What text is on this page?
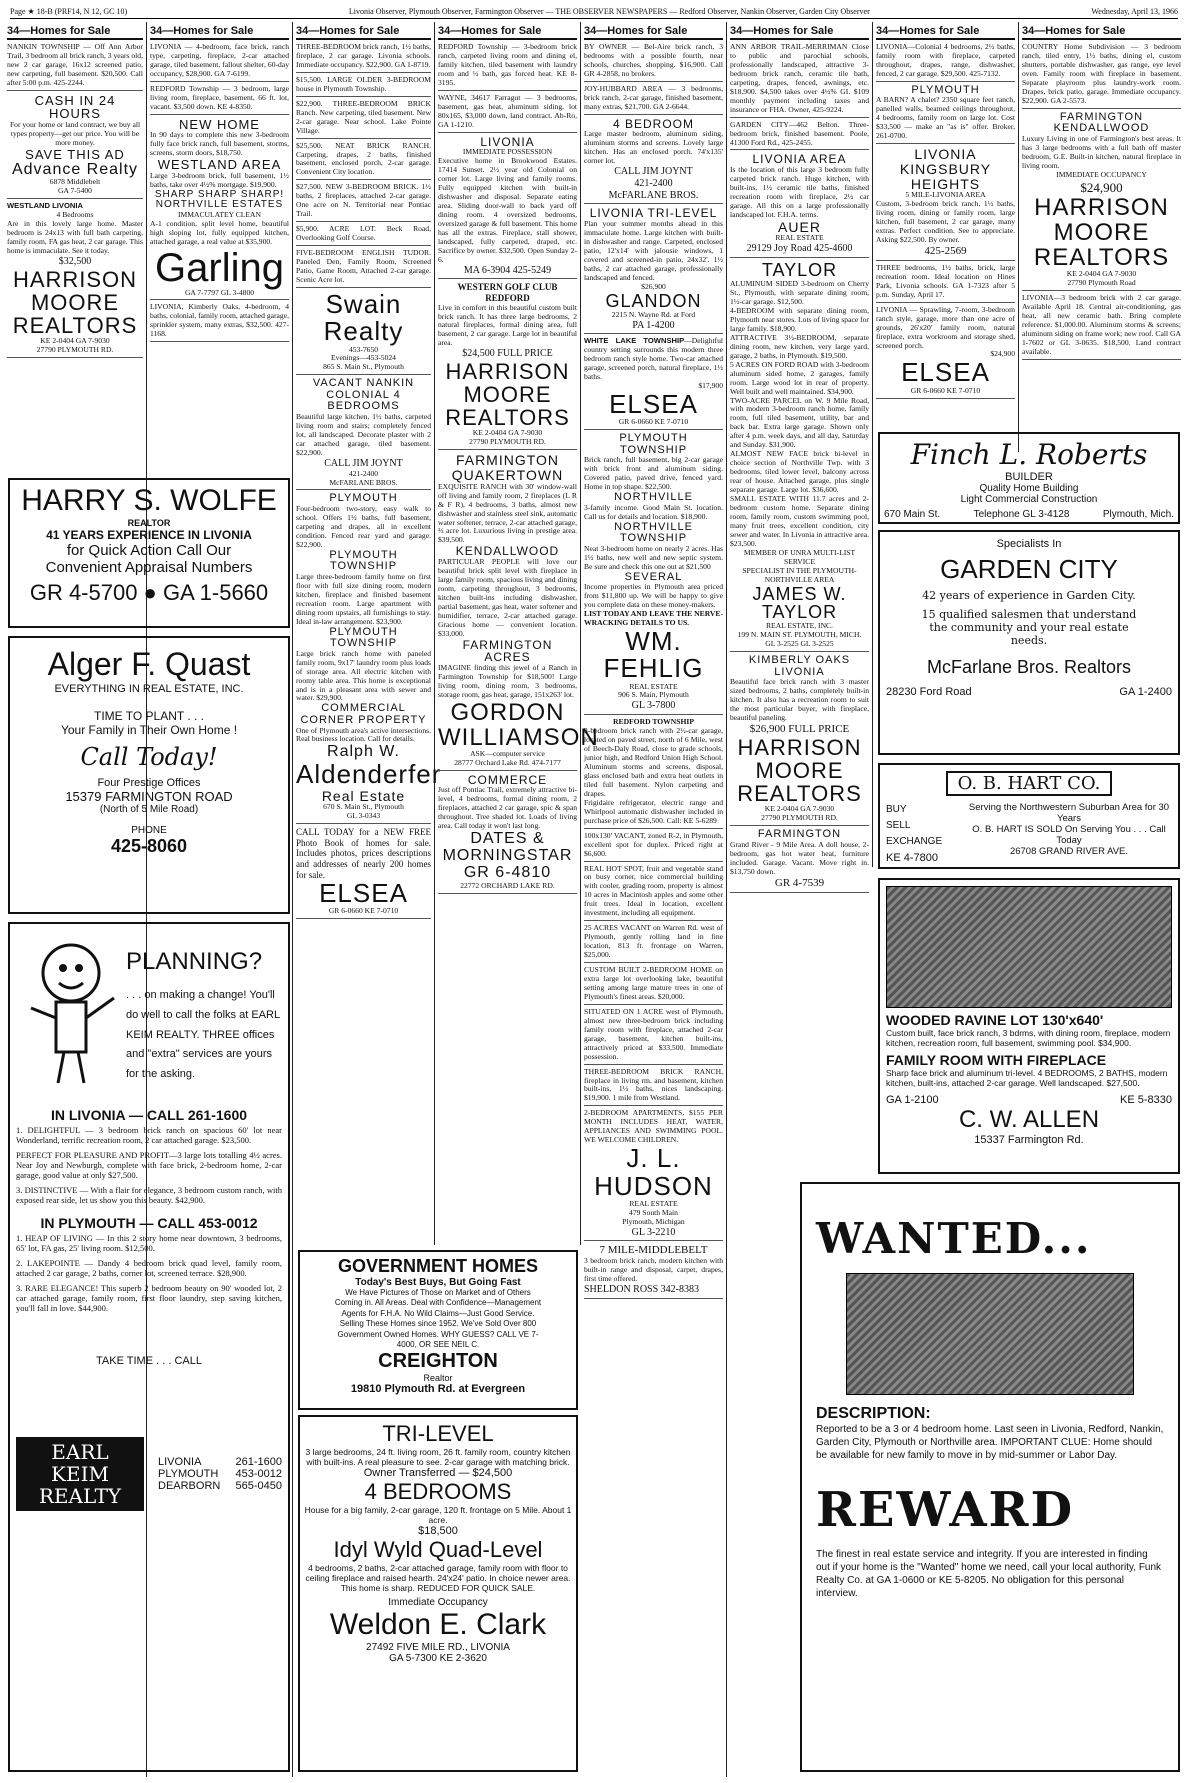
Page ★ 18-B (PRF14, N 12, GC 10)	Livonia Observer, Plymouth Observer, Farmington Observer — THE OBSERVER NEWSPAPERS — Redford Observer, Nankin Observer, Garden City Observer	Wednesday, April 13, 1966
34—Homes for Sale
NANKIN TOWNSHIP — Off Ann Arbor Trail, 3 bedroom all brick ranch, 3 years old, new 2 car garage, 16x12 screened patio, new carpeting, full basement. $20,500. Call after 5:00 p.m. 425-2244.
CASH IN 24 HOURS
For your home or land contract, we buy all types property—get our price. You will be more money.
SAVE THIS AD
Advance Realty
6878 Middlebelt
GA 7-5400
WESTLAND LIVONIA
4 Bedrooms
Are in this lovely large home. Master bedroom is 24x13 with full bath carpeting, family room, FA gas heat, 2 car garage. This home is immaculate. See it today.
$32,500
HARRISON MOORE REALTORS
KE 2-0404 GA 7-9030
27790 PLYMOUTH RD.
34—Homes for Sale
LIVONIA — 4-bedroom, face brick, ranch type, carpeting, fireplace, 2-car attached garage, tiled basement, fallout shelter, 60-day occupancy, $28,900. GA 7-6199.
REDFORD Township — 3 bedroom, large living room, fireplace, basement, 66 ft. lot, vacant. $3,500 down. KE 4-8350.
NEW HOME
In 90 days to complete this new 3-bedroom fully face brick ranch, full basement, storms, screens, storm doors, $18,750.
WESTLAND AREA
Large 3-bedroom brick, full basement, 1½ baths, take over 4½% mortgage. $19,900.
SHARP SHARP SHARP! NORTHVILLE ESTATES
IMMACULATEY CLEAN
A-1 condition, split level home, beautiful high sloping lot, fully equipped kitchen, attached garage, a real value at $35,900.
Garling
GA 7-7797 GL 3-4800
LIVONIA, Kimberly Oaks, 4-bedroom, 4 baths, colonial, family room, attached garage, sprinkler system, many extras, $32,500. 427-1168.
HARRY S. WOLFE
REALTOR
41 YEARS EXPERIENCE IN LIVONIA
for Quick Action Call Our
Convenient Appraisal Numbers
GR 4-5700 ● GA 1-5660
Alger F. Quast
EVERYTHING IN REAL ESTATE, INC.
TIME TO PLANT . . .
Your Family in Their Own Home !
Call Today!
Four Prestige Offices
15379 FARMINGTON ROAD
(North of 5 Mile Road)
PHONE
425-8060
PLANNING?
. . . on making a change! You'll do well to call the folks at EARL KEIM REALTY. THREE offices and "extra" services are yours for the asking.
IN LIVONIA — CALL 261-1600
1. DELIGHTFUL — 3 bedroom brick ranch on spacious 60' lot near Wonderland, terrific recreation room, 2 car attached garage. $23,500.
PERFECT FOR PLEASURE AND PROFIT—3 large lots totalling 4½ acres. Near Joy and Newburgh, complete with face brick, 2-bedroom home, 2-car garage, good value at only $27,500.
3. DISTINCTIVE — With a flair for elegance, 3 bedroom custom ranch, with exposed rear side, let us show you this beauty. $42,900.
IN PLYMOUTH — CALL 453-0012
1. HEAP OF LIVING — In this 2 story home near downtown, 3 bedrooms, 65' lot, FA gas, 25' living room. $12,500.
2. LAKEPOINTE — Dandy 4 bedroom brick quad level, family room, attached 2 car garage, 2 baths, corner lot, screened terrace. $28,900.
3. RARE ELEGANCE! This superb 2 bedroom beauty on 90' wooded lot, 2 car attached garage, family room, first floor laundry, step saving kitchen, you'll fall in love. $44,900.
TAKE TIME . . . CALL
EARL KEIM REALTY
LIVONIA	261-1600
PLYMOUTH 453-0012
DEARBORN 565-0450
34—Homes for Sale
THREE-BEDROOM brick ranch, 1½ baths, fireplace, 2 car garage. Livonia schools. Immediate occupancy. $22,900. GA 1-8719.
$15,500. LARGE OLDER 3-BEDROOM house in Plymouth Township.
$22,900. THREE-BEDROOM BRICK Ranch. New carpeting, tiled basement. New 2-car garage. Near school. Lake Pointe Village.
$25,500. NEAT BRICK RANCH. Carpeting, drapes, 2 baths, finished basement, enclosed porch, 2-car garage. Convenient City location.
$27,500. NEW 3-BEDROOM BRICK. 1½ baths, 2 fireplaces, attached 2-car garage. One acre on N. Territorial near Pontiac Trail.
$5,900. ACRE LOT. Beck Road, Overlooking Golf Course.
FIVE-BEDROOM ENGLISH TUDOR. Paneled Den, Family Room, Screened Patio, Game Room, Attached 2-car garage. Scenic Acre lot.
Swain Realty
453-7650
Evenings—453-5024
865 S. Main St., Plymouth
VACANT NANKIN COLONIAL 4 BEDROOMS
Beautiful large kitchen, 1½ baths, carpeted living room and stairs; completely fenced lot, all landscaped. Decorate plaster with 2 car attached garage, tiled basement. $22,900.
CALL JIM JOYNT
421-2400
McFARLANE BROS.
PLYMOUTH
Four-bedroom two-story, easy walk to school. Offers 1½ baths, full basement, carpeting and drapes, all in excellent condition. Fenced rear yard and garage. $22,900.
PLYMOUTH TOWNSHIP
Large three-bedroom family home on first floor with full size dining room, modern kitchen, fireplace and finished basement recreation room. Large apartment with dining room upstairs, all furnishings to stay. Ideal in-law arrangement. $23,900.
PLYMOUTH TOWNSHIP
Large brick ranch home with paneled family room, 9x17' laundry room plus loads of storage area. All electric kitchen with roomy table area. This home is exceptional and is in a pleasant area with sewer and water. $29,900.
COMMERCIAL CORNER PROPERTY
One of Plymouth area's active intersections. Real business location. Call for details.
Ralph W.
Aldenderfer
Real Estate
670 S. Main St., Plymouth
GL 3-0343
CALL TODAY for a NEW FREE Photo Book of homes for sale. Includes photos, prices descriptions and addresses of nearly 200 homes for sale.
ELSEA
GR 6-0660 KE 7-0710
34—Homes for Sale
REDFORD Township — 3-bedroom brick ranch, carpeted living room and dining el, family kitchen, tiled basement with laundry room and ½ bath, gas forced heat. KE 8-3195.
WAYNE, 34617 Farragut — 3 bedrooms, basement, gas heat, aluminum siding, lot 80x165, $3,000 down, land contract. Ab-Ro, GA 1-1210.
LIVONIA
IMMEDIATE POSSESSION
Executive home in Brookwood Estates. 17414 Sunset. 2½ year old Colonial on corner lot. Large living and family rooms. Fully equipped kitchen with built-in dishwasher and disposal. Separate eating area. Sliding door-wall to back yard off dining room. 4 oversized bedrooms, oversized garage & full basement. This home has all the extras. Fireplace, stall shower, landscaped, fully carpeted, draped, etc. Sacrifice by owner. $32,500. Open Sunday 2-6.
MA 6-3904 425-5249
WESTERN GOLF CLUB REDFORD
Live in comfort in this beautiful custom built brick ranch. It has three large bedrooms, 2 natural fireplaces, formal dining area, full basement, 2 car garage. Large lot in beautiful area.
$24,500 FULL PRICE
HARRISON MOORE REALTORS
KE 2-0404 GA 7-9030
27790 PLYMOUTH RD.
FARMINGTON QUAKERTOWN
EXQUISITE RANCH with 30' window-wall off living and family room, 2 fireplaces (L R & F R), 4 bedrooms, 3 baths, almost new dishwasher and stainless steel sink, automatic water softener, terrace, 2-car attached garage, ⅔ acre lot. Luxurious living in prestige area. $39,500.
KENDALLWOOD
PARTICULAR PEOPLE will love our beautiful brick split level with fireplace in large family room, spacious living and dining room, carpeting throughout, 3 bedrooms, kitchen built-ins including dishwasher, partial basement, gas heat, water softener and humidifier, terrace, 2-car attached garage. Gracious home — convenient location. $33,000.
FARMINGTON ACRES
IMAGINE finding this jewel of a Ranch in Farmington Township for $18,500! Large living room, dining room, 3 bedrooms, storage room, gas heat, garage, 151x263' lot.
GORDON WILLIAMSON
ASK—computer service
28777 Orchard Lake Rd. 474-7177
COMMERCE
Just off Pontiac Trail, extremely attractive bi-level, 4 bedrooms, formal dining room, 2 fireplaces, attached 2 car garage, spic & span throughout. Tree shaded lot. Loads of living area. Call today it won't last long.
DATES & MORNINGSTAR
GR 6-4810
22772 ORCHARD LAKE RD.
GOVERNMENT HOMES
Today's Best Buys, But Going Fast
We Have Pictures of Those on Market and of Others Coming in. All Areas. Deal with Confidence—Management Agents for F.H.A. No Wild Claims—Just Good Service. Selling These Homes since 1952. We've Sold Over 800 Government Owned Homes. WHY GUESS? CALL VE 7-4000, OR SEE NEIL C.
CREIGHTON
Realtor
19810 Plymouth Rd. at Evergreen
TRI-LEVEL
3 large bedrooms, 24 ft. living room, 26 ft. family room, country kitchen with built-ins. A real pleasure to see. 2-car garage with matching brick.
Owner Transferred — $24,500
4 BEDROOMS
House for a big family, 2-car garage, 120 ft. frontage on 5 Mile. About 1 acre.
$18,500
Idyl Wyld Quad-Level
4 bedrooms, 2 baths, 2-car attached garage, family room with floor to ceiling fireplace and raised hearth. 24'x24' patio. In choice newer area. This home is sharp. REDUCED FOR QUICK SALE.
Immediate Occupancy
Weldon E. Clark
27492 FIVE MILE RD., LIVONIA
GA 5-7300 KE 2-3620
34—Homes for Sale
BY OWNER — Bel-Aire brick ranch, 3 bedrooms with a possible fourth, near schools, churches, shopping. $16,900. Call GR 4-2858, no brokers.
JOY-HUBBARD AREA — 3 bedrooms, brick ranch, 2-car garage, finished basement, many extras, $21,700. GA 2-6644.
4 BEDROOM
Large master bedroom, aluminum siding, aluminum storms and screens. Lovely large kitchen. Has an enclosed porch. 74'x135' corner lot.
CALL JIM JOYNT
421-2400
McFARLANE BROS.
LIVONIA TRI-LEVEL
Plan your summer months ahead in this immaculate home. Large kitchen with built-in dishwasher and range. Carpeted, enclosed patio, 12'x14' with jalousie windows, 1 covered and screened-in patio, 24x32'. 1½ baths, 2 car attached garage, professionally landscaped and fenced.
$26,900
GLANDON
2215 N. Wayne Rd. at Ford
PA 1-4200
WHITE LAKE TOWNSHIP—Delightful country setting surrounds this modern three bedroom ranch style home. Two-car attached garage, screened porch, natural fireplace, 1½ baths.
$17,900
ELSEA
GR 6-0660 KE 7-0710
PLYMOUTH TOWNSHIP
Brick ranch, full basement, big 2-car garage with brick front and aluminum siding. Covered patio, paved drive, fenced yard. Home in top shape. $22,500.
NORTHVILLE
3-family income. Good Main St. location. Call us for details and location. $18,900.
NORTHVILLE TOWNSHIP
Neat 3-bedroom home on nearly 2 acres. Has 1½ baths, new well and new septic system. Be sure and check this one out at $21,500
SEVERAL
Income properties in Plymouth area priced from $11,800 up. We will be happy to give you complete data on these money-makers.
LIST TODAY AND LEAVE THE NERVE-WRACKING DETAILS TO US.
WM. FEHLIG
REAL ESTATE
906 S. Main, Plymouth
GL 3-7800
REDFORD TOWNSHIP
3-bedroom brick ranch with 2½-car garage, located on paved street, north of 6 Mile, west of Beech-Daly Road, close to grade schools, junior high, and Redford Union High School. Aluminum storms and screens, disposal, glass enclosed bath and extra heat outlets in tiled full basement. Nylon carpeting and drapes.
Frigidaire refrigerator, electric range and Whirlpool automatic dishwasher included in purchase price of $26,500. Call: KE 5-6289
100x130' VACANT, zoned R-2, in Plymouth, excellent spot for duplex. Priced right at $6,600.
REAL HOT SPOT, fruit and vegetable stand on busy corner, nice commercial building with cooler, grading room, property is almost 10 acres in Macintosh apples and some other fruit trees. Ideal in location, excellent investment, including all equipment.
25 ACRES VACANT on Warren Rd. west of Plymouth, gently rolling land in fine location, 813 ft. frontage on Warren, $25,000.
CUSTOM BUILT 2-BEDROOM HOME on extra large lot overlooking lake, beautiful setting among large mature trees in one of Plymouth's finest areas. $20,000.
SITUATED ON 1 ACRE west of Plymouth, almost new three-bedroom brick including family room with fireplace, attached 2-car garage, basement, kitchen built-ins, attractively priced at $33,500. Immediate possession.
THREE-BEDROOM BRICK RANCH, fireplace in living rm. and basement, kitchen built-ins, 1½ baths, nices landscaping. $19,900. 1 mile from Westland.
2-BEDROOM APARTMENTS, $155 PER MONTH INCLUDES HEAT, WATER, APPLIANCES AND SWIMMING POOL. WE WELCOME CHILDREN.
J. L. HUDSON
REAL ESTATE
479 South Main
Plymouth, Michigan
GL 3-2210
7 MILE-MIDDLEBELT
3 bedroom brick ranch, modern kitchen with built-in range and disposal, carpet, drapes, first time offered.
SHELDON ROSS 342-8383
34—Homes for Sale
ANN ARBOR TRAIL-MERRIMAN Close to public and parochial schools, professionally landscaped, attractive 3-bedroom brick ranch, ceramic tile bath, carpeting, drapes, fenced, awnings, etc. $18,900. $4,500 takes over 4½% GI. $109 monthly payment including taxes and insurance or FHA. Owner, 425-9224.
GARDEN CITY—462 Belton. Three-bedroom brick, finished basement. Poole, 41300 Ford Rd., 425-2455.
LIVONIA AREA
Is the location of this large 3 bedroom fully carpeted brick ranch. Huge kitchen, with built-ins, 1½ ceramic tile baths, finished recreation room with fireplace, 2½ car garage. All this on a large professionally landscaped lot. F.H.A. terms.
AUER
REAL ESTATE
29129 Joy Road 425-4600
TAYLOR
ALUMINUM SIDED 3-bedroom on Cherry St., Plymouth, with separate dining room, 1½-car garage. $12,500.
4-BEDROOM with separate dining room, Plymouth near stores. Lots of living space for large family. $18,900.
ATTRACTIVE 3½-BEDROOM, separate dining room, new kitchen, very large yard, garage, 2 baths, in Plymouth. $19,500.
5 ACRES ON FORD ROAD with 3-bedroom aluminum sided home, 2 garages, family room. Large wood lot in rear of property. Well built and well maintained. $34,900.
TWO-ACRE PARCEL on W. 9 Mile Road, with modern 3-bedroom ranch home, family room, full tiled basement, utility, bar and back bar. Extra large garage. Shown only after 4 p.m. week days, and all day, Saturday and Sunday. $31,900.
ALMOST NEW FACE brick bi-level in choice section of Northville Twp. with 3 bedrooms, tiled lower level, balcony across rear of house. Attached garage, plus single separate garage. Large lot. $36,600.
SMALL ESTATE WITH 11.7 acres and 2-bedroom custom home. Separate dining room, family room, custom swimming pool, many fruit trees, excellent condition, city sewer and water. In Livonia in attractive area. $23,500.
MEMBER OF UNRA MULTI-LIST SERVICE
SPECIALIST IN THE PLYMOUTH-NORTHVILLE AREA
JAMES W. TAYLOR
REAL ESTATE, INC.
199 N. MAIN ST. PLYMOUTH, MICH.
GL 3-2525 GL 3-2525
KIMBERLY OAKS LIVONIA
Beautiful face brick ranch with 3 master sized bedrooms, 2 baths, completely built-in kitchen. It also has a recreation room to suit the most particular buyer, with fireplace, beautiful paneling.
$26,900 FULL PRICE
HARRISON MOORE REALTORS
KE 2-0404 GA 7-9030
27790 PLYMOUTH RD.
FARMINGTON
Grand River - 9 Mile Area. A doll house, 2-bedroom, gas hot water heat, furniture included. Garage. Vacant. Move right in. $13,750 down.
GR 4-7539
34—Homes for Sale
LIVONIA—Colonial 4 bedrooms, 2½ baths, family room with fireplace, carpeted throughout, drapes, range, dishwasher, fenced, 2 car garage. $29,500. 425-7132.
PLYMOUTH
A BARN? A chalet? 2350 square feet ranch, panelled walls, beamed ceilings throughout, 4 bedrooms, family room on large lot. Cost $33,500 — make an "as is" offer. Broker, 261-0700.
LIVONIA KINGSBURY HEIGHTS
5 MILE-LIVONIA AREA
Custom, 3-bedroom brick ranch, 1½ baths, living room, dining or family room, large kitchen, full basement, 2 car garage, many extras. Perfect condition. See to appreciate. Asking $22,500. By owner.
425-2569
THREE bedrooms, 1½ baths, brick, large recreation room. Ideal location on Hines Park, Livonia schools. GA 1-7323 after 5 p.m. Sunday, April 17.
LIVONIA — Sprawling, 7-room, 3-bedroom ranch style, garage, more than one acre of grounds, 26'x20' family room, natural fireplace, extra workroom and storage shed, screened porch.
$24,900
ELSEA
GR 6-0660 KE 7-0710
34—Homes for Sale
COUNTRY Home Subdivision — 3 bedroom ranch, tiled entry, 1½ baths, dining el, custom shutters, portable dishwasher, gas range, eye level oven. Family room with fireplace in basement. Separate playroom plus laundry-work room. Drapes, brick patio, garage. Immediate occupancy. $22,900. GA 2-5573.
FARMINGTON KENDALLWOOD
Luxury Living in one of Farmington's best areas. It has 3 large bedrooms with a full bath off master bedroom, G.E. Built-in kitchen, natural fireplace in living room.
IMMEDIATE OCCUPANCY
$24,900
HARRISON MOORE REALTORS
KE 2-0404 GA 7-9030
27790 Plymouth Road
LIVONIA—3 bedroom brick with 2 car garage. Available April 18. Central air-conditioning, gas heat, all new ceramic bath. Bring complete reference. $1,000.00. Aluminum storms & screens; aluminum siding on frame work; new roof. Call GA 1-7602 or GL 3-0635. $18,500. Land contract available.
Finch L. Roberts
BUILDER
Quality Home Building
Light Commercial Construction
670 Main St.	Telephone GL 3-4128	Plymouth, Mich.
Specialists In
GARDEN CITY
42 years of experience in Garden City.
15 qualified salesmen that understand the community and your real estate needs.
McFarlane Bros. Realtors
28230 Ford Road	GA 1-2400
O. B. HART CO.
BUY
SELL
EXCHANGE
KE 4-7800
Serving the Northwestern Suburban Area for 30 Years
O. B. HART IS SOLD On Serving You . . . Call Today
26708 GRAND RIVER AVE.
WOODED RAVINE LOT 130'x640'
Custom built, face brick ranch, 3 bdrms, with dining room, fireplace, modern kitchen, recreation room, full basement, swimming pool. $34,900.
FAMILY ROOM WITH FIREPLACE
Sharp face brick and aluminum tri-level. 4 BEDROOMS, 2 BATHS, modern kitchen, built-ins, attached 2-car garage. Well landscaped. $27,500.
GA 1-2100	KE 5-8330
C. W. ALLEN
15337 Farmington Rd.
WANTED...
DESCRIPTION:
Reported to be a 3 or 4 bedroom home. Last seen in Livonia, Redford, Nankin, Garden City, Plymouth or Northville area. IMPORTANT CLUE: Home should be available for new family to move in by mid-summer or Labor Day.
REWARD
The finest in real estate service and integrity. If you are interested in finding out if your home is the "Wanted" home we need, call your local authority, Funk Realty Co. at GA 1-0600 or KE 5-8205. No obligation for this personal interview.
